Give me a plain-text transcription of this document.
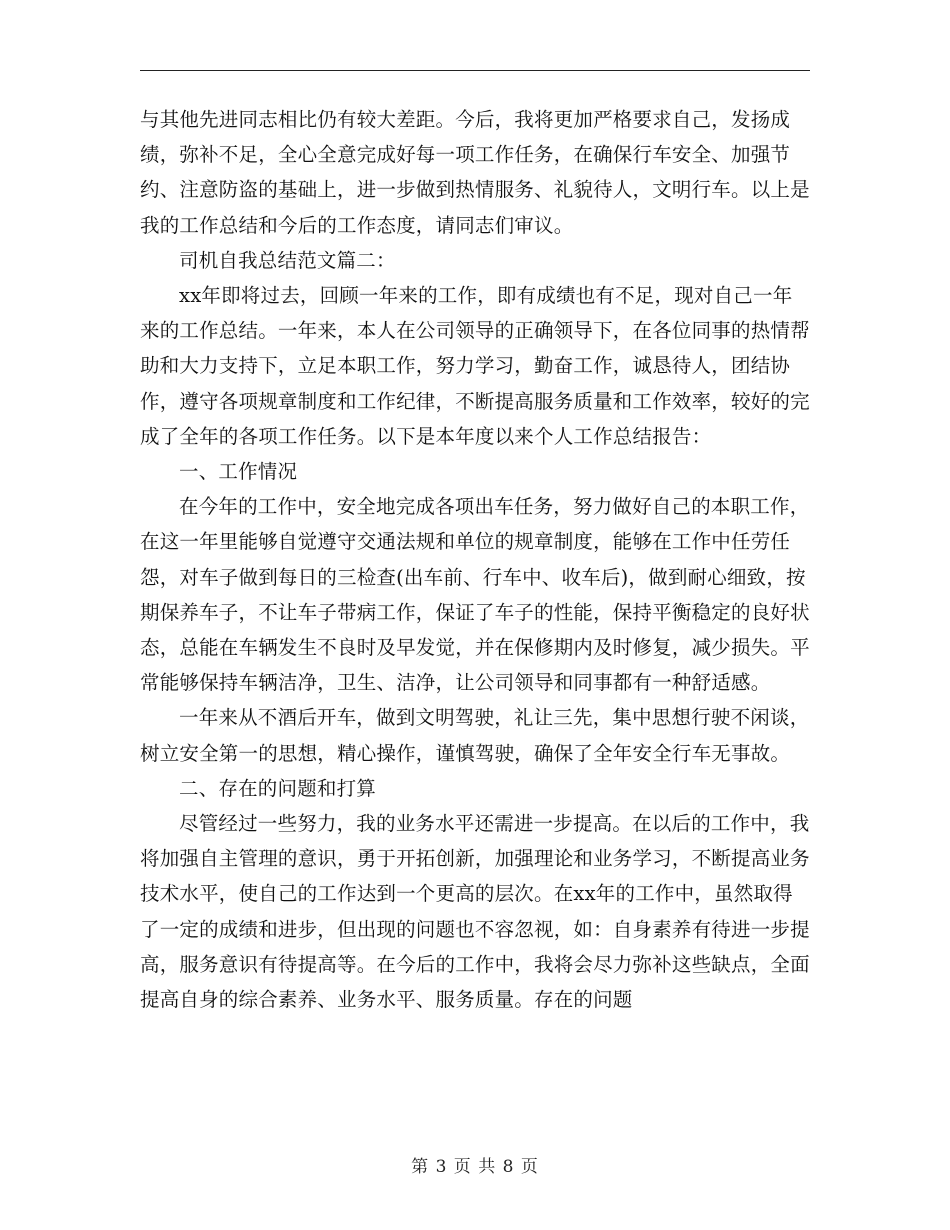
与其他先进同志相比仍有较大差距。今后，我将更加严格要求自己，发扬成绩，弥补不足，全心全意完成好每一项工作任务，在确保行车安全、加强节约、注意防盗的基础上，进一步做到热情服务、礼貌待人，文明行车。以上是我的工作总结和今后的工作态度，请同志们审议。

司机自我总结范文篇二：

xx年即将过去，回顾一年来的工作，即有成绩也有不足，现对自己一年来的工作总结。一年来，本人在公司领导的正确领导下，在各位同事的热情帮助和大力支持下，立足本职工作，努力学习，勤奋工作，诚恳待人，团结协作，遵守各项规章制度和工作纪律，不断提高服务质量和工作效率，较好的完成了全年的各项工作任务。以下是本年度以来个人工作总结报告：

一、工作情况

在今年的工作中，安全地完成各项出车任务，努力做好自己的本职工作，在这一年里能够自觉遵守交通法规和单位的规章制度，能够在工作中任劳任怨，对车子做到每日的三检查(出车前、行车中、收车后)，做到耐心细致，按期保养车子，不让车子带病工作，保证了车子的性能，保持平衡稳定的良好状态，总能在车辆发生不良时及早发觉，并在保修期内及时修复，减少损失。平常能够保持车辆洁净，卫生、洁净，让公司领导和同事都有一种舒适感。

一年来从不酒后开车，做到文明驾驶，礼让三先，集中思想行驶不闲谈，树立安全第一的思想，精心操作，谨慎驾驶，确保了全年安全行车无事故。

二、存在的问题和打算

尽管经过一些努力，我的业务水平还需进一步提高。在以后的工作中，我将加强自主管理的意识，勇于开拓创新，加强理论和业务学习，不断提高业务技术水平，使自己的工作达到一个更高的层次。在xx年的工作中，虽然取得了一定的成绩和进步，但出现的问题也不容忽视，如：自身素养有待进一步提高，服务意识有待提高等。在今后的工作中，我将会尽力弥补这些缺点，全面提高自身的综合素养、业务水平、服务质量。存在的问题

第 3 页 共 8 页
